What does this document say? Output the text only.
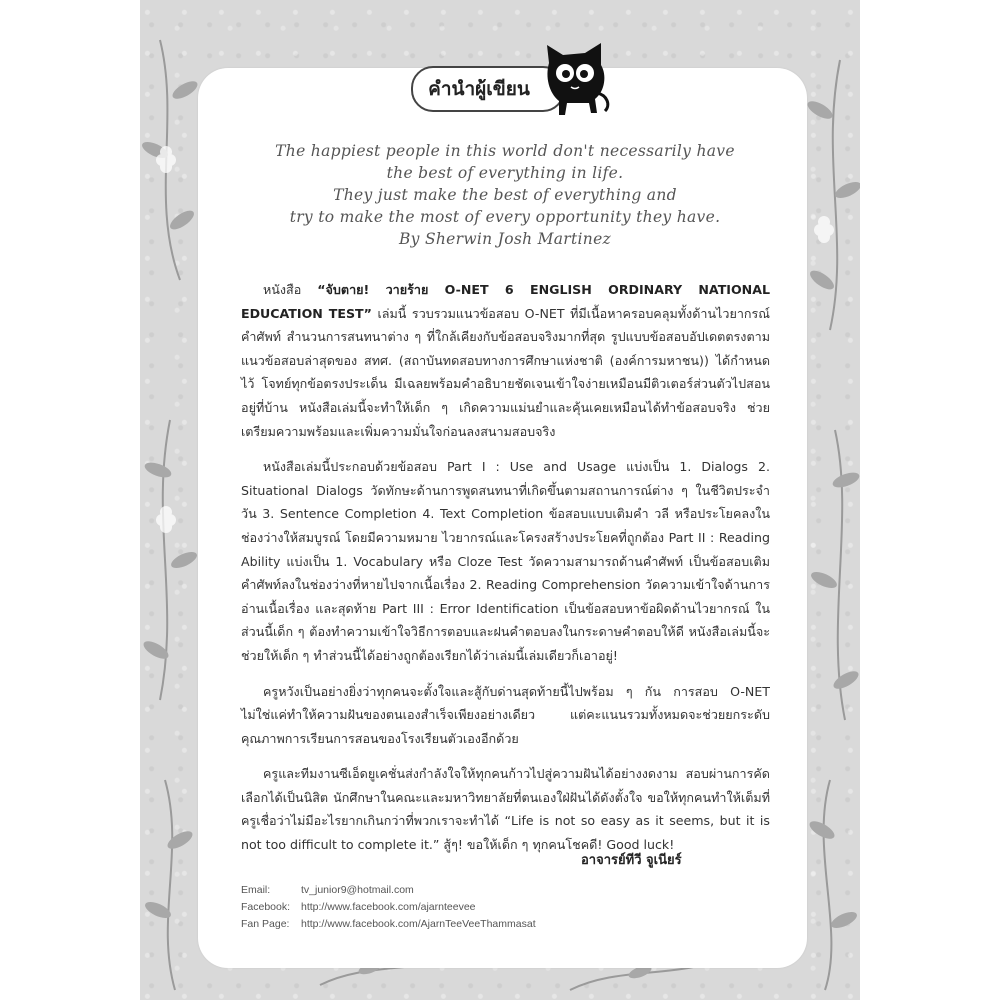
คำนำผู้เขียน
The happiest people in this world don't necessarily have
the best of everything in life.
They just make the best of everything and
try to make the most of every opportunity they have.
By Sherwin Josh Martinez

หนังสือ “จับตาย! วายร้าย O-NET 6 ENGLISH ORDINARY NATIONAL EDUCATION TEST” เล่มนี้ รวบรวมแนวข้อสอบ O-NET ที่มีเนื้อหาครอบคลุมทั้งด้านไวยากรณ์ คำศัพท์ สำนวนการสนทนาต่าง ๆ ที่ใกล้เคียงกับข้อสอบจริงมากที่สุด รูปแบบข้อสอบอัปเดตตรงตามแนวข้อสอบล่าสุดของ สทศ. (สถาบันทดสอบทางการศึกษาแห่งชาติ (องค์การมหาชน)) ได้กำหนดไว้ โจทย์ทุกข้อตรงประเด็น มีเฉลยพร้อมคำอธิบายชัดเจนเข้าใจง่ายเหมือนมีติวเตอร์ส่วนตัวไปสอนอยู่ที่บ้าน หนังสือเล่มนี้จะทำให้เด็ก ๆ เกิดความแม่นยำและคุ้นเคยเหมือนได้ทำข้อสอบจริง ช่วยเตรียมความพร้อมและเพิ่มความมั่นใจก่อนลงสนามสอบจริง

หนังสือเล่มนี้ประกอบด้วยข้อสอบ Part I : Use and Usage แบ่งเป็น 1. Dialogs 2. Situational Dialogs วัดทักษะด้านการพูดสนทนาที่เกิดขึ้นตามสถานการณ์ต่าง ๆ ในชีวิตประจำวัน 3. Sentence Completion 4. Text Completion ข้อสอบแบบเติมคำ วลี หรือประโยคลงในช่องว่างให้สมบูรณ์ โดยมีความหมาย ไวยากรณ์และโครงสร้างประโยคที่ถูกต้อง Part II : Reading Ability แบ่งเป็น 1. Vocabulary หรือ Cloze Test วัดความสามารถด้านคำศัพท์ เป็นข้อสอบเติมคำศัพท์ลงในช่องว่างที่หายไปจากเนื้อเรื่อง 2. Reading Comprehension วัดความเข้าใจด้านการอ่านเนื้อเรื่อง และสุดท้าย Part III : Error Identification เป็นข้อสอบหาข้อผิดด้านไวยากรณ์ ในส่วนนี้เด็ก ๆ ต้องทำความเข้าใจวิธีการตอบและฝนคำตอบลงในกระดาษคำตอบให้ดี หนังสือเล่มนี้จะช่วยให้เด็ก ๆ ทำส่วนนี้ได้อย่างถูกต้องเรียกได้ว่าเล่มนี้เล่มเดียวก็เอาอยู่!

ครูหวังเป็นอย่างยิ่งว่าทุกคนจะตั้งใจและสู้กับด่านสุดท้ายนี้ไปพร้อม ๆ กัน การสอบ O-NET ไม่ใช่แค่ทำให้ความฝันของตนเองสำเร็จเพียงอย่างเดียว แต่คะแนนรวมทั้งหมดจะช่วยยกระดับคุณภาพการเรียนการสอนของโรงเรียนตัวเองอีกด้วย

ครูและทีมงานซีเอ็ดยูเคชั่นส่งกำลังใจให้ทุกคนก้าวไปสู่ความฝันได้อย่างงดงาม สอบผ่านการคัดเลือกได้เป็นนิสิต นักศึกษาในคณะและมหาวิทยาลัยที่ตนเองใฝ่ฝันได้ดังตั้งใจ ขอให้ทุกคนทำให้เต็มที่ ครูเชื่อว่าไม่มีอะไรยากเกินกว่าที่พวกเราจะทำได้ “Life is not so easy as it seems, but it is not too difficult to complete it.” สู้ๆ! ขอให้เด็ก ๆ ทุกคนโชคดี! Good luck!

อาจารย์ทีวี จูเนียร์
Email:	tv_junior9@hotmail.com
Facebook:	http://www.facebook.com/ajarnteevee
Fan Page:	http://www.facebook.com/AjarnTeeVeeThammasat
